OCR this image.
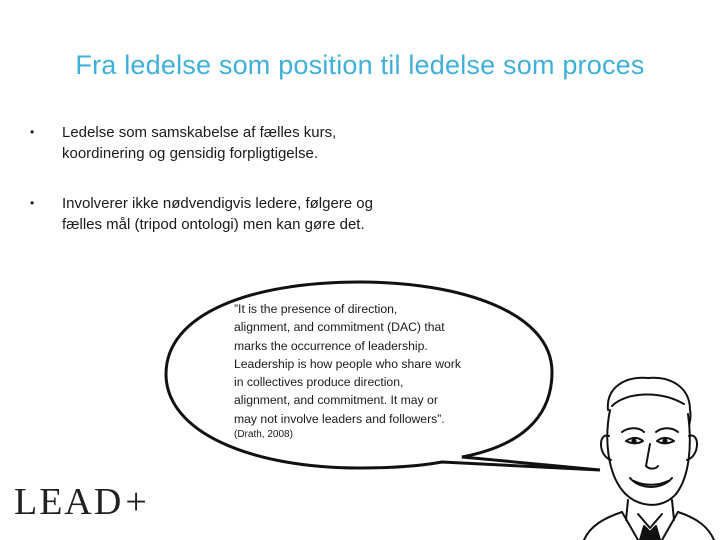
Fra ledelse som position til ledelse som proces
• Ledelse som samskabelse af fælles kurs,
koordinering og gensidig forpligtigelse.
• Involverer ikke nødvendigvis ledere, følgere og
fælles mål (tripod ontologi) men kan gøre det.
”It is the presence of direction,
alignment, and commitment (DAC) that
marks the occurrence of leadership.
Leadership is how people who share work
in collectives produce direction,
alignment, and commitment. It may or
may not involve leaders and followers”.
(Drath, 2008)
LEAD+
